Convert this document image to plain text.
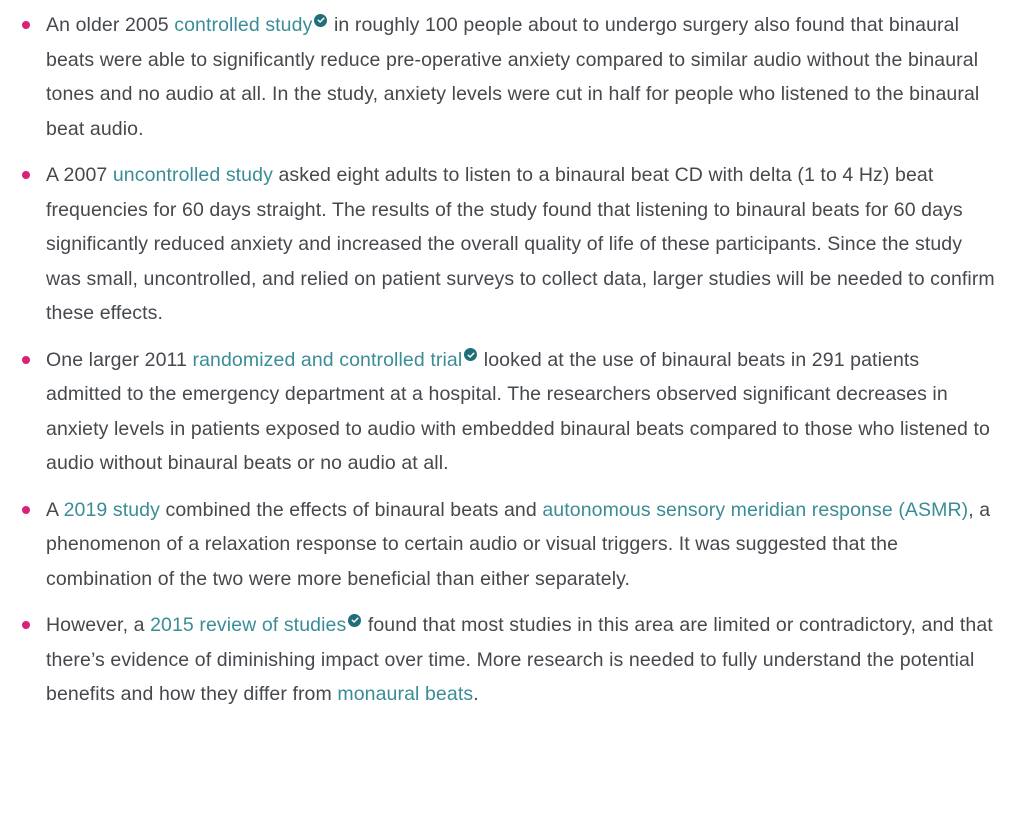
An older 2005 controlled study
in roughly 100 people about to undergo surgery also found that binaural beats were able to significantly reduce pre-operative anxiety compared to similar audio without the binaural tones and no audio at all. In the study, anxiety levels were cut in half for people who listened to the binaural beat audio.
A 2007 uncontrolled study asked eight adults to listen to a binaural beat CD with delta (1 to 4 Hz) beat frequencies for 60 days straight. The results of the study found that listening to binaural beats for 60 days significantly reduced anxiety and increased the overall quality of life of these participants. Since the study was small, uncontrolled, and relied on patient surveys to collect data, larger studies will be needed to confirm these effects.
One larger 2011 randomized and controlled trial
looked at the use of binaural beats in 291 patients admitted to the emergency department at a hospital. The researchers observed significant decreases in anxiety levels in patients exposed to audio with embedded binaural beats compared to those who listened to audio without binaural beats or no audio at all.
A 2019 study combined the effects of binaural beats and autonomous sensory meridian response (ASMR), a phenomenon of a relaxation response to certain audio or visual triggers. It was suggested that the combination of the two were more beneficial than either separately.
However, a 2015 review of studies
found that most studies in this area are limited or contradictory, and that there’s evidence of diminishing impact over time. More research is needed to fully understand the potential benefits and how they differ from monaural beats.
